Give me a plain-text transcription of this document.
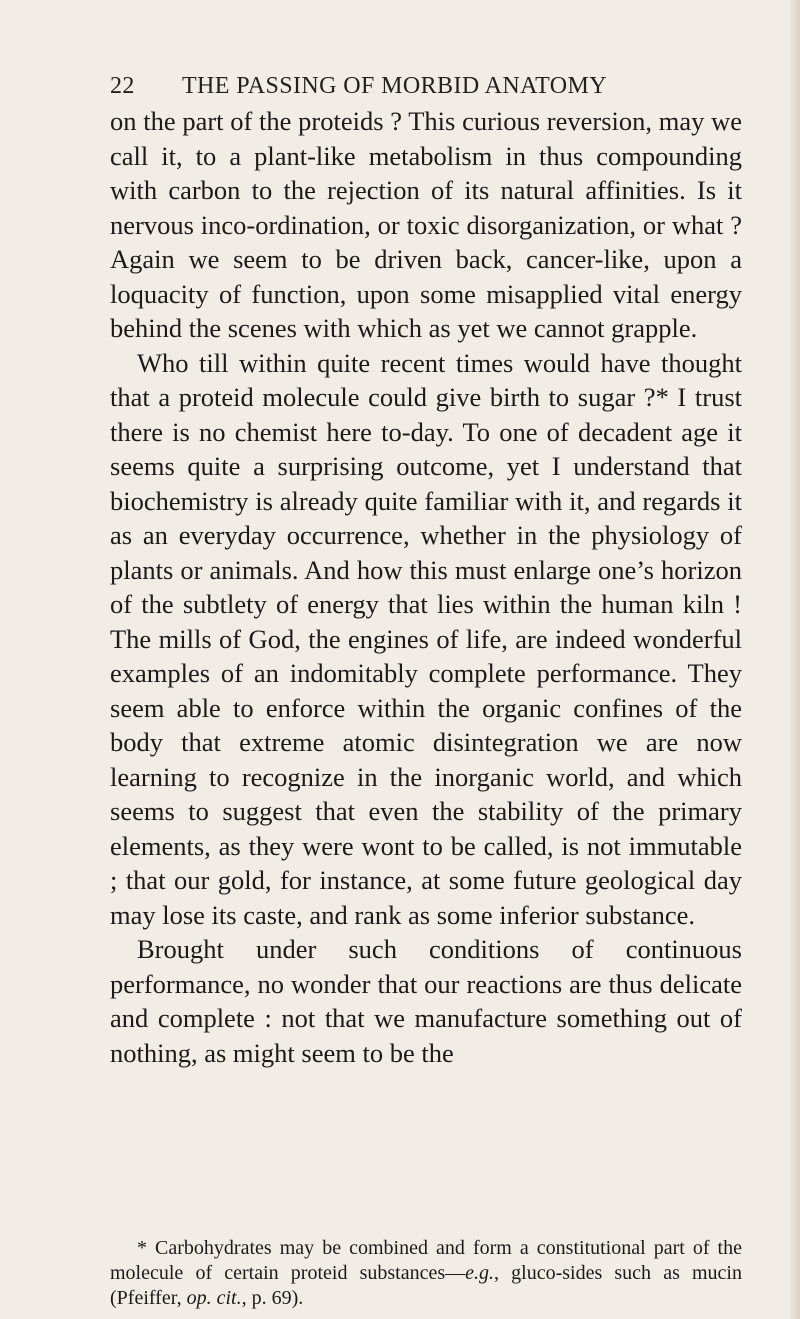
22 THE PASSING OF MORBID ANATOMY

on the part of the proteids ? This curious reversion, may we call it, to a plant-like metabolism in thus compounding with carbon to the rejection of its natural affinities. Is it nervous inco-ordination, or toxic disorganization, or what ? Again we seem to be driven back, cancer-like, upon a loquacity of function, upon some misapplied vital energy behind the scenes with which as yet we cannot grapple.

Who till within quite recent times would have thought that a proteid molecule could give birth to sugar ?* I trust there is no chemist here to-day. To one of decadent age it seems quite a surprising outcome, yet I understand that biochemistry is already quite familiar with it, and regards it as an everyday occurrence, whether in the physiology of plants or animals. And how this must enlarge one’s horizon of the subtlety of energy that lies within the human kiln ! The mills of God, the engines of life, are indeed wonderful examples of an indomitably complete performance. They seem able to enforce within the organic confines of the body that extreme atomic disintegration we are now learning to recognize in the inorganic world, and which seems to suggest that even the stability of the primary elements, as they were wont to be called, is not immutable ; that our gold, for instance, at some future geological day may lose its caste, and rank as some inferior substance.

Brought under such conditions of continuous performance, no wonder that our reactions are thus delicate and complete : not that we manufacture something out of nothing, as might seem to be the

* Carbohydrates may be combined and form a constitutional part of the molecule of certain proteid substances—e.g., gluco-sides such as mucin (Pfeiffer, op. cit., p. 69).
